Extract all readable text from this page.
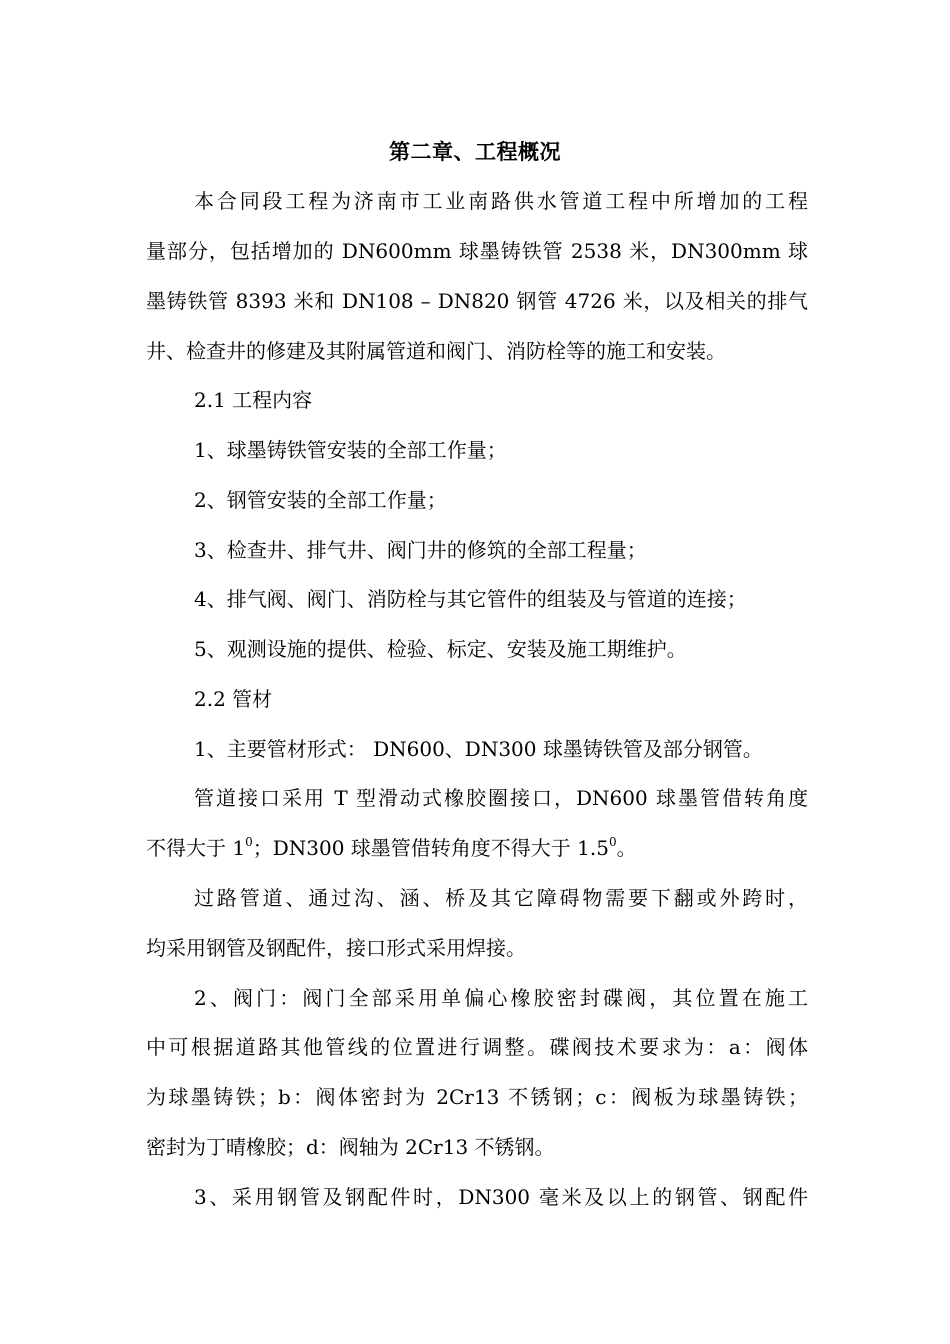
第二章、工程概况
本合同段工程为济南市工业南路供水管道工程中所增加的工程
量部分，包括增加的 DN600mm 球墨铸铁管 2538 米，DN300mm 球
墨铸铁管 8393 米和 DN108 – DN820 钢管 4726 米，以及相关的排气
井、检查井的修建及其附属管道和阀门、消防栓等的施工和安装。
2.1 工程内容
1、球墨铸铁管安装的全部工作量；
2、钢管安装的全部工作量；
3、检查井、排气井、阀门井的修筑的全部工程量；
4、排气阀、阀门、消防栓与其它管件的组装及与管道的连接；
5、观测设施的提供、检验、标定、安装及施工期维护。
2.2 管材
1、主要管材形式： DN600、DN300 球墨铸铁管及部分钢管。
管道接口采用 T 型滑动式橡胶圈接口，DN600 球墨管借转角度
不得大于 $1^0$；DN300 球墨管借转角度不得大于 $1.5^0$。
过路管道、通过沟、涵、桥及其它障碍物需要下翻或外跨时，
均采用钢管及钢配件，接口形式采用焊接。
2、阀门：阀门全部采用单偏心橡胶密封碟阀，其位置在施工
中可根据道路其他管线的位置进行调整。碟阀技术要求为：a：阀体
为球墨铸铁；b：阀体密封为 2Cr13 不锈钢；c：阀板为球墨铸铁；
密封为丁晴橡胶；d：阀轴为 2Cr13 不锈钢。
3、采用钢管及钢配件时，DN300 毫米及以上的钢管、钢配件
